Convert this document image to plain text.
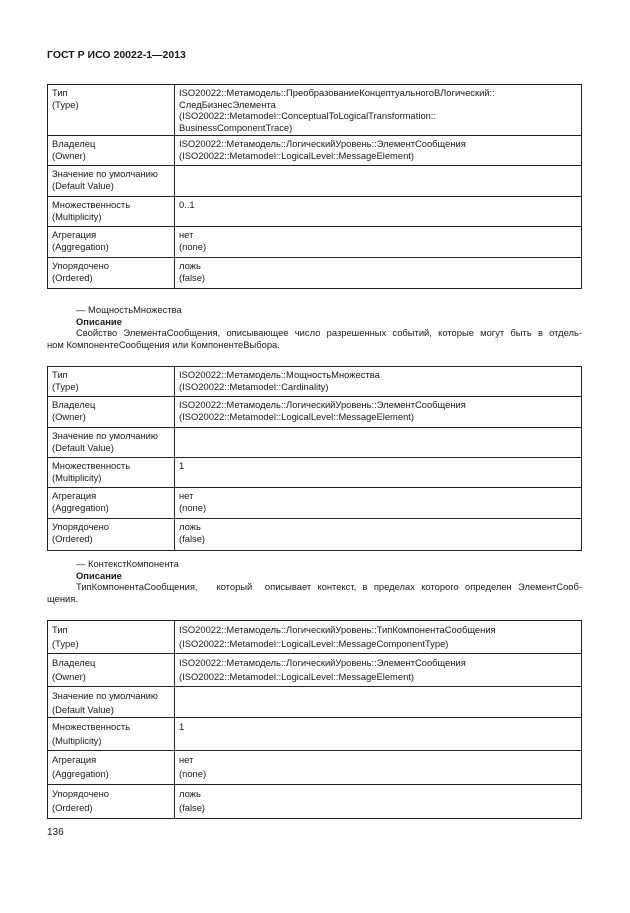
ГОСТ Р ИСО 20022-1—2013
Тип
(Type)	ISO20022::Метамодель::ПреобразованиеКонцептуальногоВЛогический::
СледБизнесЭлемента
(ISO20022::Metamodel::ConceptualToLogicalTransformation::
BusinessComponentTrace)

Владелец
(Owner)	ISO20022::Метамодель::ЛогическийУровень::ЭлементСообщения
(ISO20022::Metamodel::LogicalLevel::MessageElement)

Значение по умолчанию
(Default Value)	

Множественность
(Multiplicity)	0..1

Агрегация
(Aggregation)	нет
(none)

Упорядочено
(Ordered)	ложь
(false)
— МощностьМножества
Описание
Свойство ЭлементаСообщения, описывающее число разрешенных событий, которые могут быть в отдель-
ном КомпонентеСообщения или КомпонентеВыбора.
Тип
(Type)	ISO20022::Метамодель::МощностьМножества
(ISO20022::Metamodel::Cardinality)

Владелец
(Owner)	ISO20022::Метамодель::ЛогическийУровень::ЭлементСообщения
(ISO20022::Metamodel::LogicalLevel::MessageElement)

Значение по умолчанию
(Default Value)	

Множественность
(Multiplicity)	1

Агрегация
(Aggregation)	нет
(none)

Упорядочено
(Ordered)	ложь
(false)
— КонтекстКомпонента
Описание
ТипКомпонентаСообщения,   который  описывает контекст, в пределах которого определен ЭлементСооб-
щения.
Тип
(Type)	ISO20022::Метамодель::ЛогическийУровень::ТипКомпонентаСообщения
(ISO20022::Metamodel::LogicalLevel::MessageComponentType)

Владелец
(Owner)	ISO20022::Метамодель::ЛогическийУровень::ЭлементСообщения
(ISO20022::Metamodel::LogicalLevel::MessageElement)

Значение по умолчанию
(Default Value)	

Множественность
(Multiplicity)	1

Агрегация
(Aggregation)	нет
(none)

Упорядочено
(Ordered)	ложь
(false)
136
